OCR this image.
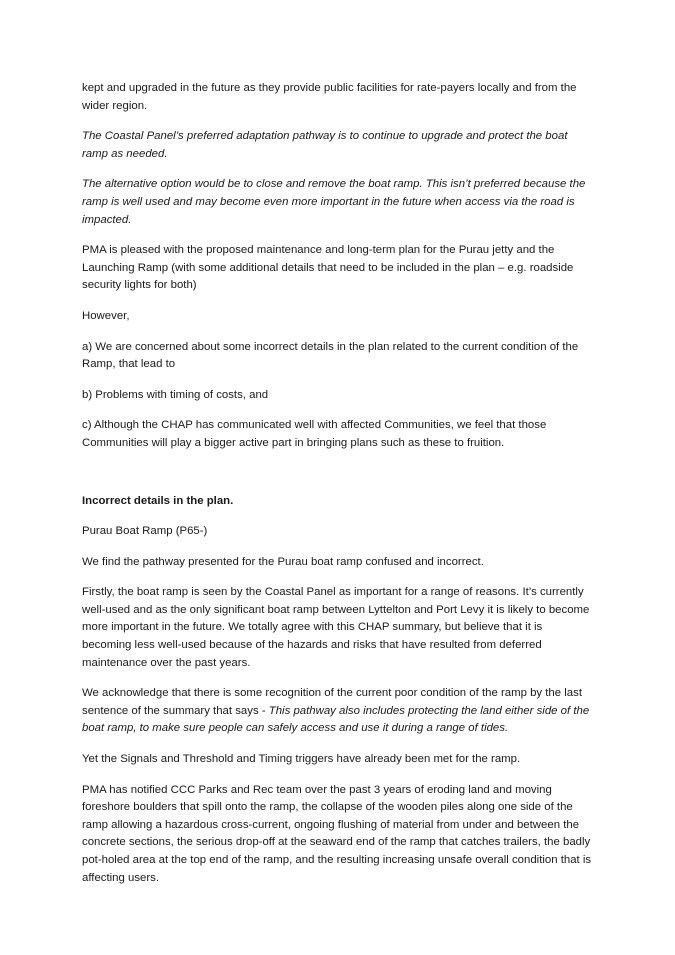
kept and upgraded in the future as they provide public facilities for rate-payers locally and from the wider region.

The Coastal Panel’s preferred adaptation pathway is to continue to upgrade and protect the boat ramp as needed.

The alternative option would be to close and remove the boat ramp. This isn’t preferred because the ramp is well used and may become even more important in the future when access via the road is impacted.

PMA is pleased with the proposed maintenance and long-term plan for the Purau jetty and the Launching Ramp (with some additional details that need to be included in the plan – e.g. roadside security lights for both)

However,

a) We are concerned about some incorrect details in the plan related to the current condition of the Ramp, that lead to

b) Problems with timing of costs, and

c) Although the CHAP has communicated well with affected Communities, we feel that those Communities will play a bigger active part in bringing plans such as these to fruition.

Incorrect details in the plan.

Purau Boat Ramp (P65-)

We find the pathway presented for the Purau boat ramp confused and incorrect.

Firstly, the boat ramp is seen by the Coastal Panel as important for a range of reasons. It’s currently well-used and as the only significant boat ramp between Lyttelton and Port Levy it is likely to become more important in the future. We totally agree with this CHAP summary, but believe that it is becoming less well-used because of the hazards and risks that have resulted from deferred maintenance over the past years.

We acknowledge that there is some recognition of the current poor condition of the ramp by the last sentence of the summary that says - This pathway also includes protecting the land either side of the boat ramp, to make sure people can safely access and use it during a range of tides.

Yet the Signals and Threshold and Timing triggers have already been met for the ramp.

PMA has notified CCC Parks and Rec team over the past 3 years of eroding land and moving foreshore boulders that spill onto the ramp, the collapse of the wooden piles along one side of the ramp allowing a hazardous cross-current, ongoing flushing of material from under and between the concrete sections, the serious drop-off at the seaward end of the ramp that catches trailers, the badly pot-holed area at the top end of the ramp, and the resulting increasing unsafe overall condition that is affecting users.
